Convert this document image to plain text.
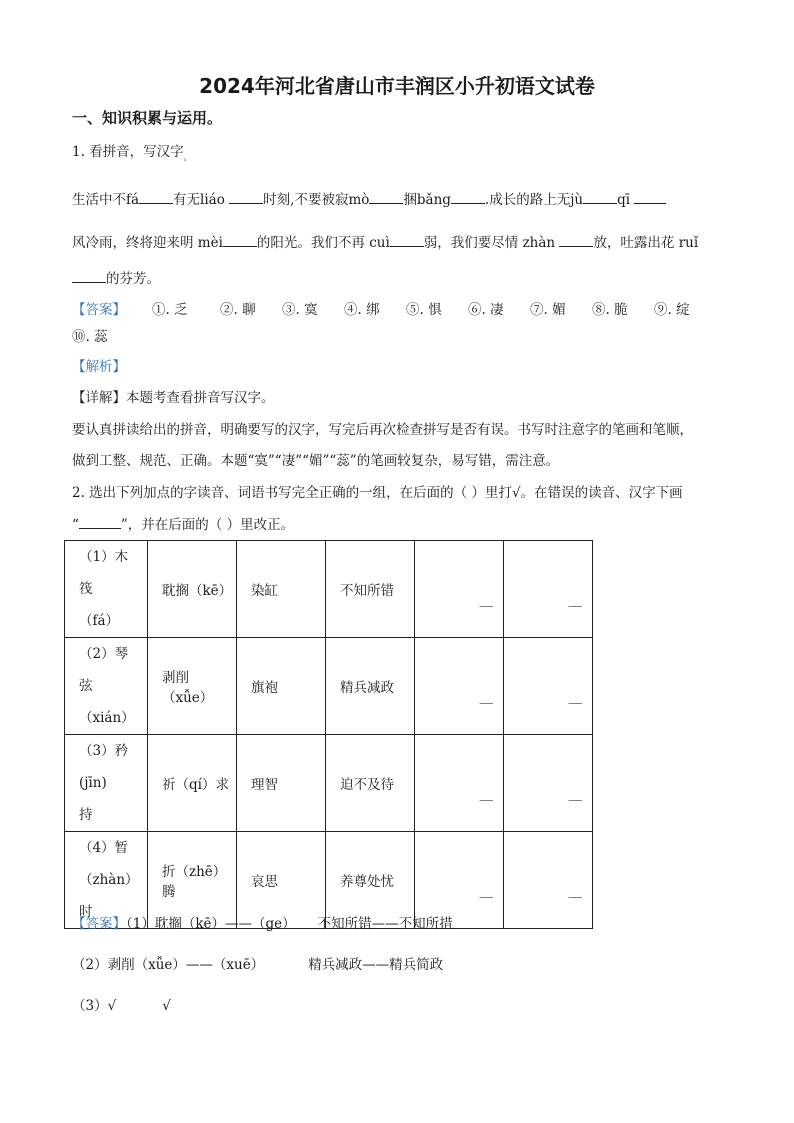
2024年河北省唐山市丰润区小升初语文试卷
一、知识积累与运用。
1. 看拼音，写汉字$_。$
生活中不fá	有无liáo	时刻,不要被寂mò	捆bǎng	.成长的路上无jù	qī
风冷雨，终将迎来明 mèi	的阳光。我们不再 cuì	弱，我们要尽情 zhàn	放，吐露出花 ruǐ
的芬芳。
【答案】	①. 乏	②. 聊	③. 寞	④. 绑	⑤. 惧	⑥. 凄	⑦. 媚	⑧. 脆	⑨. 绽
⑩. 蕊
【解析】
【详解】本题考查看拼音写汉字。
要认真拼读给出的拼音，明确要写的汉字，写完后再次检查拼写是否有误。书写时注意字的笔画和笔顺，
做到工整、规范、正确。本题“寞”“凄”“媚”“蕊”的笔画较复杂，易写错，需注意。
2. 选出下列加点的字读音、词语书写完全正确的一组，在后面的（ ）里打√。在错误的读音、汉字下画
“	”，并在后面的（ ）里改正。
（1）木筏
（fá）	耽搁（kē）	染缸	不知所错	＿	＿

（2）琴弦
（xián）	剥削（xǚe）	旗袍	精兵减政	＿	＿

（3）矜(jīn)
持	祈（qí）求	理智	迫不及待	＿	＿

（4）暂
（zhàn）时	折（zhē）腾	哀思	养尊处忧	＿	＿
【答案】（1）耽搁（kē）——（ge） 不知所错——不知所措
（2）剥削（xǚe）——（xuē）	精兵减政——精兵简政
（3）√	√
